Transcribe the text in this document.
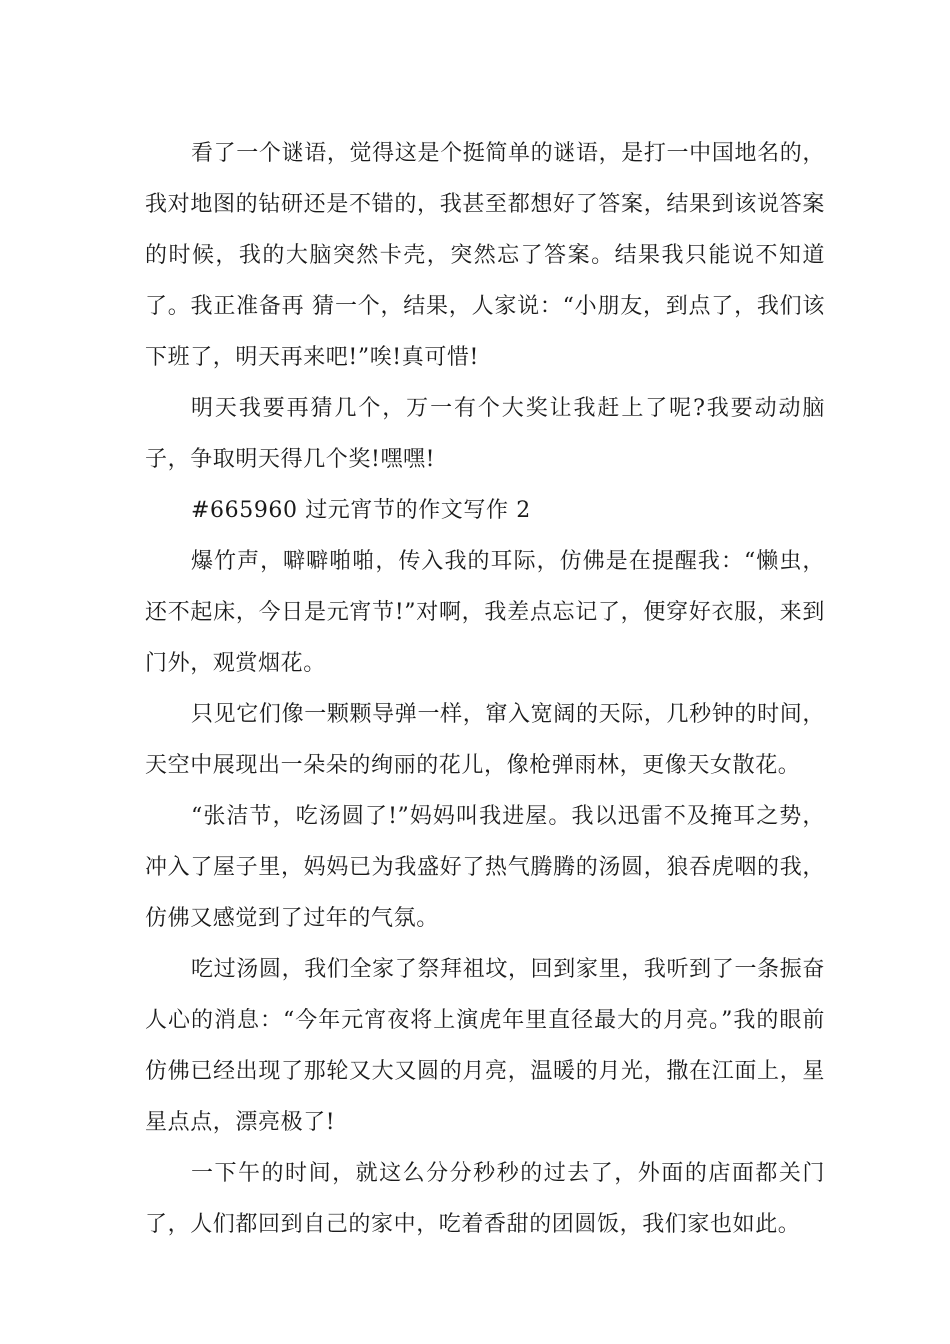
看了一个谜语，觉得这是个挺简单的谜语，是打一中国地名的，我对地图的钻研还是不错的，我甚至都想好了答案，结果到该说答案的时候，我的大脑突然卡壳，突然忘了答案。结果我只能说不知道了。我正准备再 猜一个，结果，人家说：“小朋友，到点了，我们该下班了，明天再来吧!”唉!真可惜!

明天我要再猜几个，万一有个大奖让我赶上了呢?我要动动脑子，争取明天得几个奖!嘿嘿!

#665960 过元宵节的作文写作 2

爆竹声，噼噼啪啪，传入我的耳际，仿佛是在提醒我：“懒虫，还不起床，今日是元宵节!”对啊，我差点忘记了，便穿好衣服，来到门外，观赏烟花。

只见它们像一颗颗导弹一样，窜入宽阔的天际，几秒钟的时间，天空中展现出一朵朵的绚丽的花儿，像枪弹雨林，更像天女散花。

“张洁节，吃汤圆了!”妈妈叫我进屋。我以迅雷不及掩耳之势，冲入了屋子里，妈妈已为我盛好了热气腾腾的汤圆，狼吞虎咽的我，仿佛又感觉到了过年的气氛。

吃过汤圆，我们全家了祭拜祖坟，回到家里，我听到了一条振奋人心的消息：“今年元宵夜将上演虎年里直径最大的月亮。”我的眼前仿佛已经出现了那轮又大又圆的月亮，温暖的月光，撒在江面上，星星点点，漂亮极了!

一下午的时间，就这么分分秒秒的过去了，外面的店面都关门了，人们都回到自己的家中，吃着香甜的团圆饭，我们家也如此。
